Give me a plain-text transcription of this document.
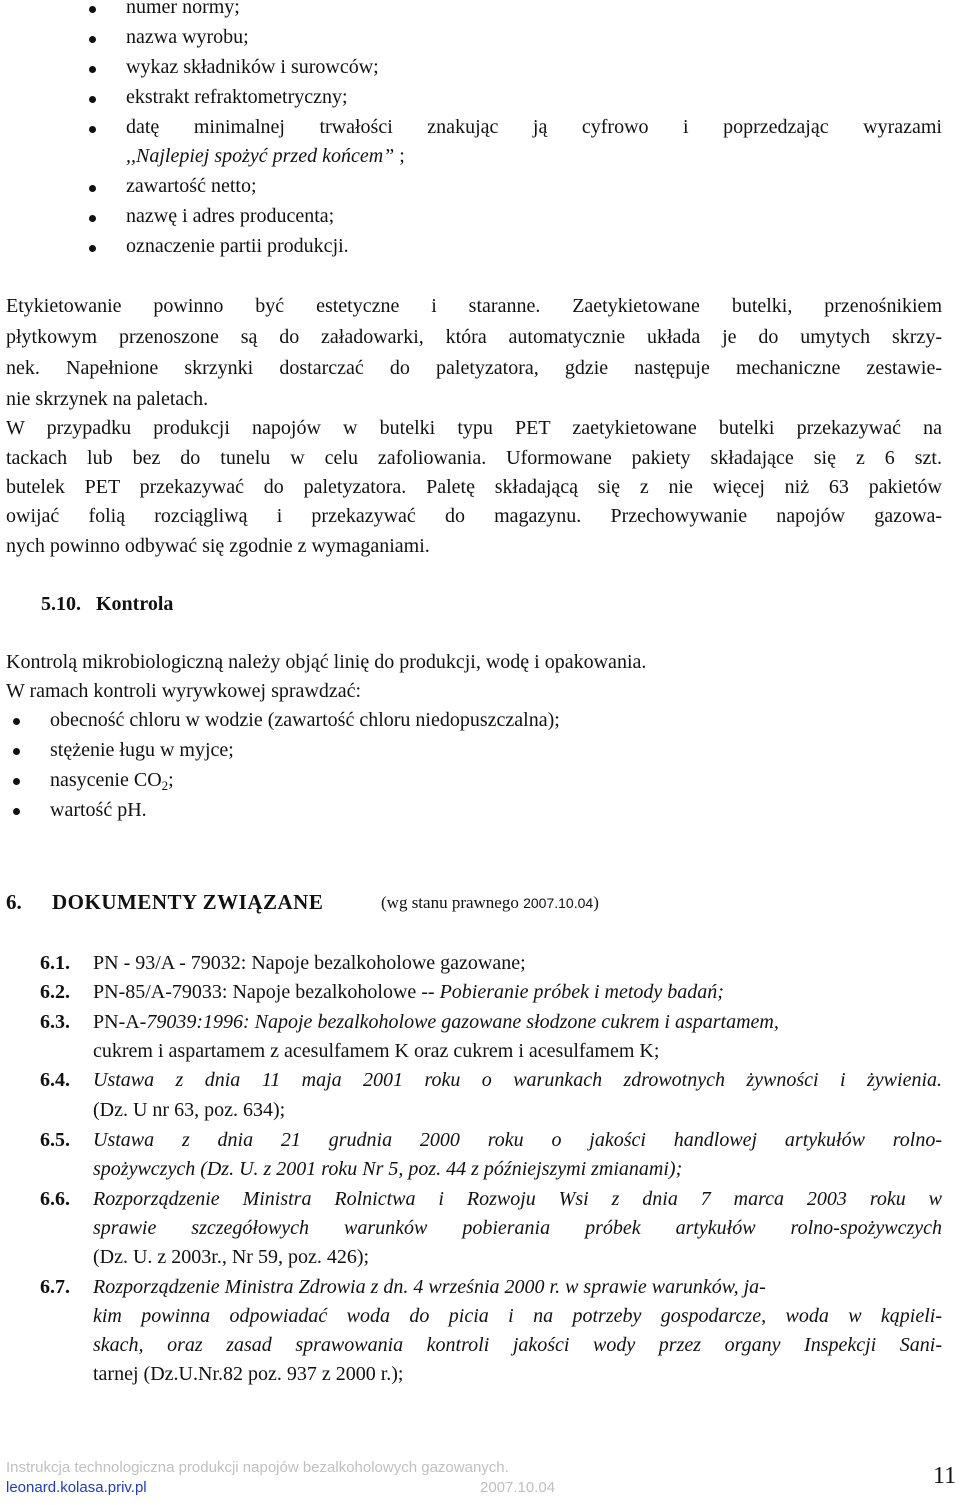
numer normy;
nazwa wyrobu;
wykaz składników i surowców;
ekstrakt refraktometryczny;
datę minimalnej trwałości znakując ją cyfrowo i poprzedzając wyrazami
,,Najlepiej spożyć przed końcem” ;
zawartość netto;
nazwę i adres producenta;
oznaczenie partii produkcji.
Etykietowanie powinno być estetyczne i staranne. Zaetykietowane butelki, przenośnikiem
płytkowym przenoszone są do załadowarki, która automatycznie układa je do umytych skrzy-
nek. Napełnione skrzynki dostarczać do paletyzatora, gdzie następuje mechaniczne zestawie-
nie skrzynek na paletach.
W przypadku produkcji napojów w butelki typu PET zaetykietowane butelki przekazywać na
tackach lub bez do tunelu w celu zafoliowania. Uformowane pakiety składające się z 6 szt.
butelek PET przekazywać do paletyzatora. Paletę składającą się z nie więcej niż 63 pakietów
owijać folią rozciągliwą i przekazywać do magazynu. Przechowywanie napojów gazowa-
nych powinno odbywać się zgodnie z wymaganiami.
5.10. Kontrola
Kontrolą mikrobiologiczną należy objąć linię do produkcji, wodę i opakowania.
W ramach kontroli wyrywkowej sprawdzać:
obecność chloru w wodzie (zawartość chloru niedopuszczalna);
stężenie ługu w myjce;
nasycenie $CO_2$;
wartość pH.
6. DOKUMENTY ZWIĄZANE	(wg stanu prawnego 2007.10.04)
6.1. PN - 93/A - 79032: Napoje bezalkoholowe gazowane;
6.2. PN-85/A-79033: Napoje bezalkoholowe -- Pobieranie próbek i metody badań;
6.3. PN-A-79039:1996: Napoje bezalkoholowe gazowane słodzone cukrem i aspartamem,
cukrem i aspartamem z acesulfamem K oraz cukrem i acesulfamem K;
6.4. Ustawa z dnia 11 maja 2001 roku o warunkach zdrowotnych żywności i żywienia.
(Dz. U nr 63, poz. 634);
6.5. Ustawa z dnia 21 grudnia 2000 roku o jakości handlowej artykułów rolno-
spożywczych (Dz. U. z 2001 roku Nr 5, poz. 44 z późniejszymi zmianami);
6.6. Rozporządzenie Ministra Rolnictwa i Rozwoju Wsi z dnia 7 marca 2003 roku w
sprawie szczegółowych warunków pobierania próbek artykułów rolno-spożywczych
(Dz. U. z 2003r., Nr 59, poz. 426);
6.7. Rozporządzenie Ministra Zdrowia z dn. 4 września 2000 r. w sprawie warunków, ja-
kim powinna odpowiadać woda do picia i na potrzeby gospodarcze, woda w kąpieli-
skach, oraz zasad sprawowania kontroli jakości wody przez organy Inspekcji Sani-
tarnej (Dz.U.Nr.82 poz. 937 z 2000 r.);
Instrukcja technologiczna produkcji napojów bezalkoholowych gazowanych.
leonard.kolasa.priv.pl	2007.10.04	11
